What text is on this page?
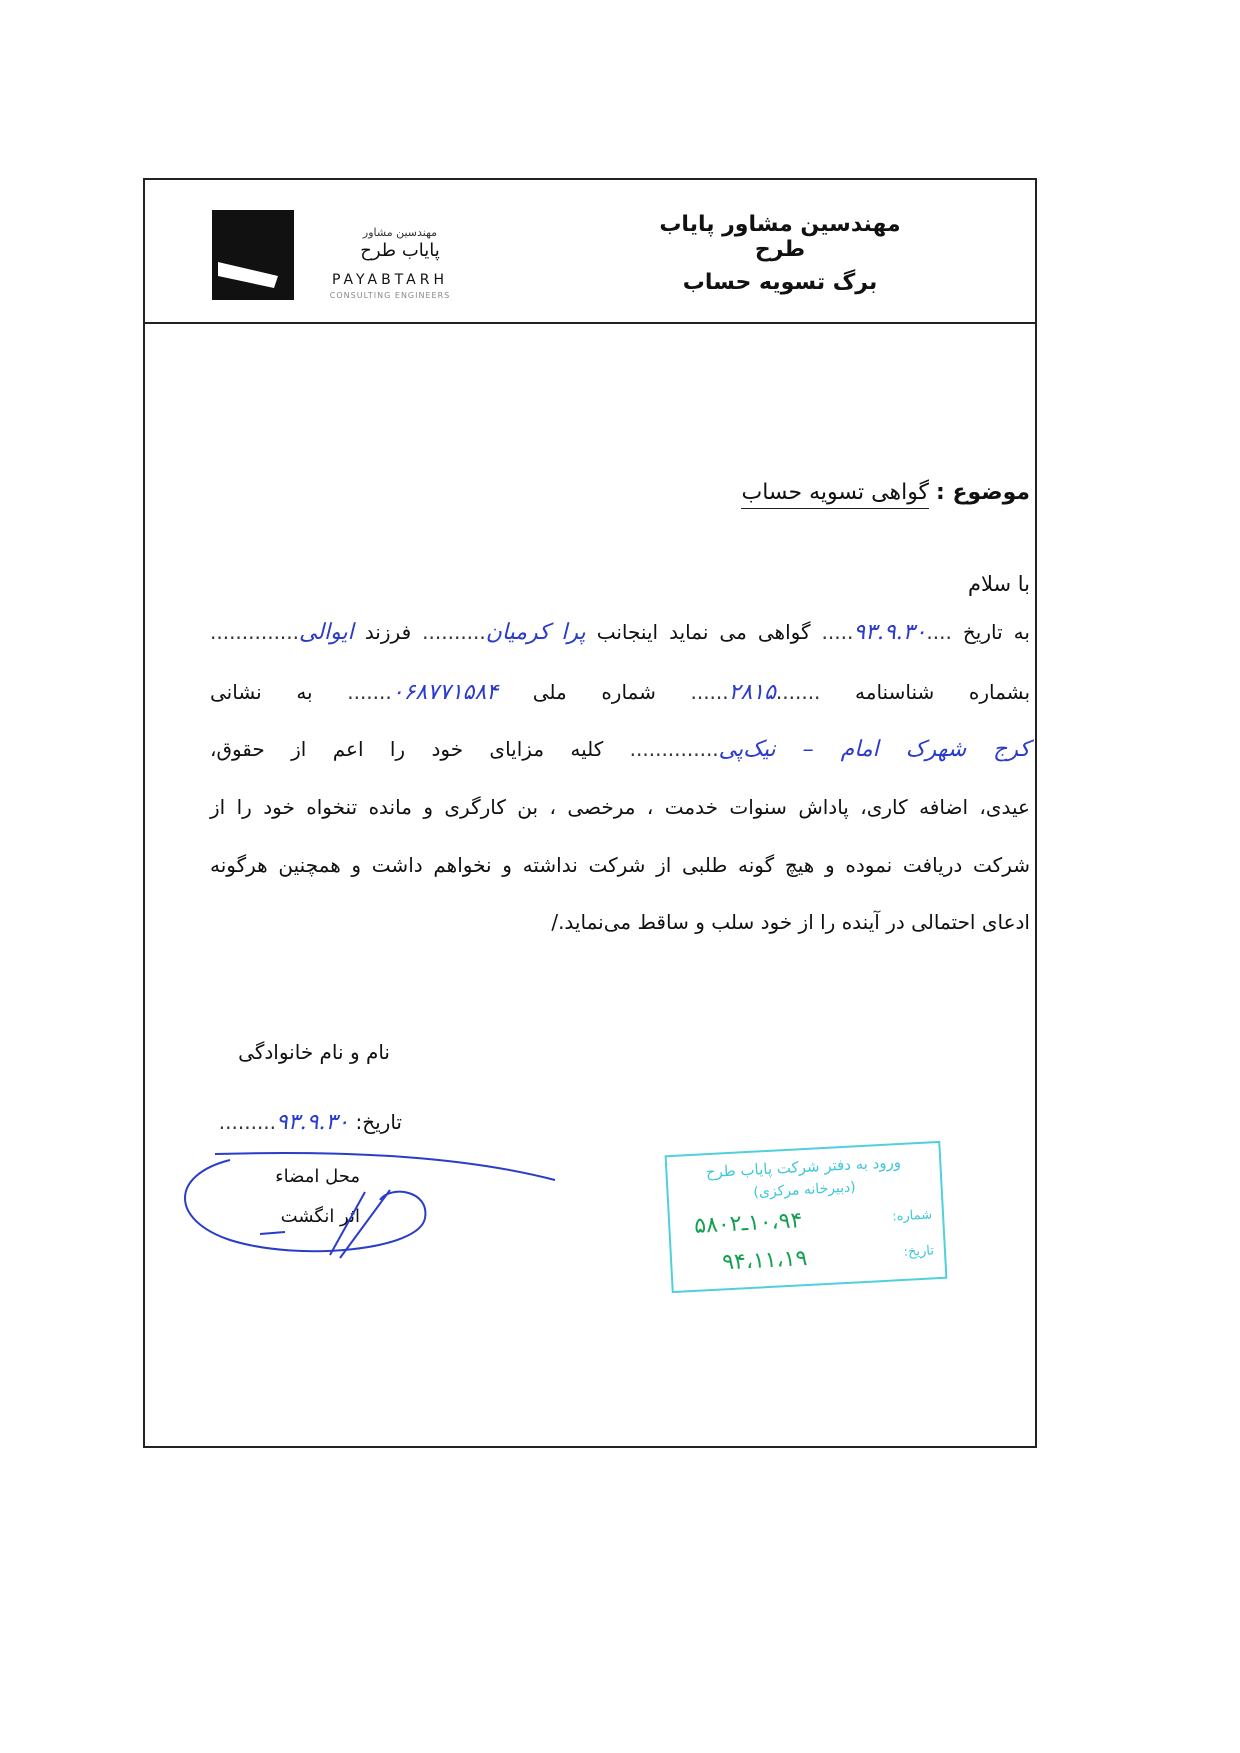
مهندسین مشاور پایاب طرح
برگ تسویه حساب
مهندسین مشاور
پایاب طرح
PAYABTARH
CONSULTING ENGINEERS
موضوع : گواهی تسویه حساب
با سلام
به تاریخ ....۹۳.۹.۳۰..... گواهی می نماید اینجانب پرا کرمیان.......... فرزند ایوالی..............
بشماره شناسنامه .......۲۸۱۵...... شماره ملی ۰۶۸۷۷۱۵۸۴....... به نشانی
کرج شهرک امام – نیک‌پی.............. کلیه مزایای خود را اعم از حقوق،
عیدی، اضافه کاری، پاداش سنوات خدمت ، مرخصی ، بن کارگری و مانده تنخواه خود را از
شرکت دریافت نموده و هیچ گونه طلبی از شرکت نداشته و نخواهم داشت و همچنین هرگونه
ادعای احتمالی در آینده را از خود سلب و ساقط می‌نماید./
نام و نام خانوادگی
تاریخ: ۹۳.۹.۳۰.........
محل امضاء
اثر انگشت
ورود به دفتر شرکت پایاب طرح
(دبیرخانه مرکزی)
شماره:
۱۰،۹۴ـ۵۸۰۲
تاریخ:
۹۴،۱۱،۱۹
